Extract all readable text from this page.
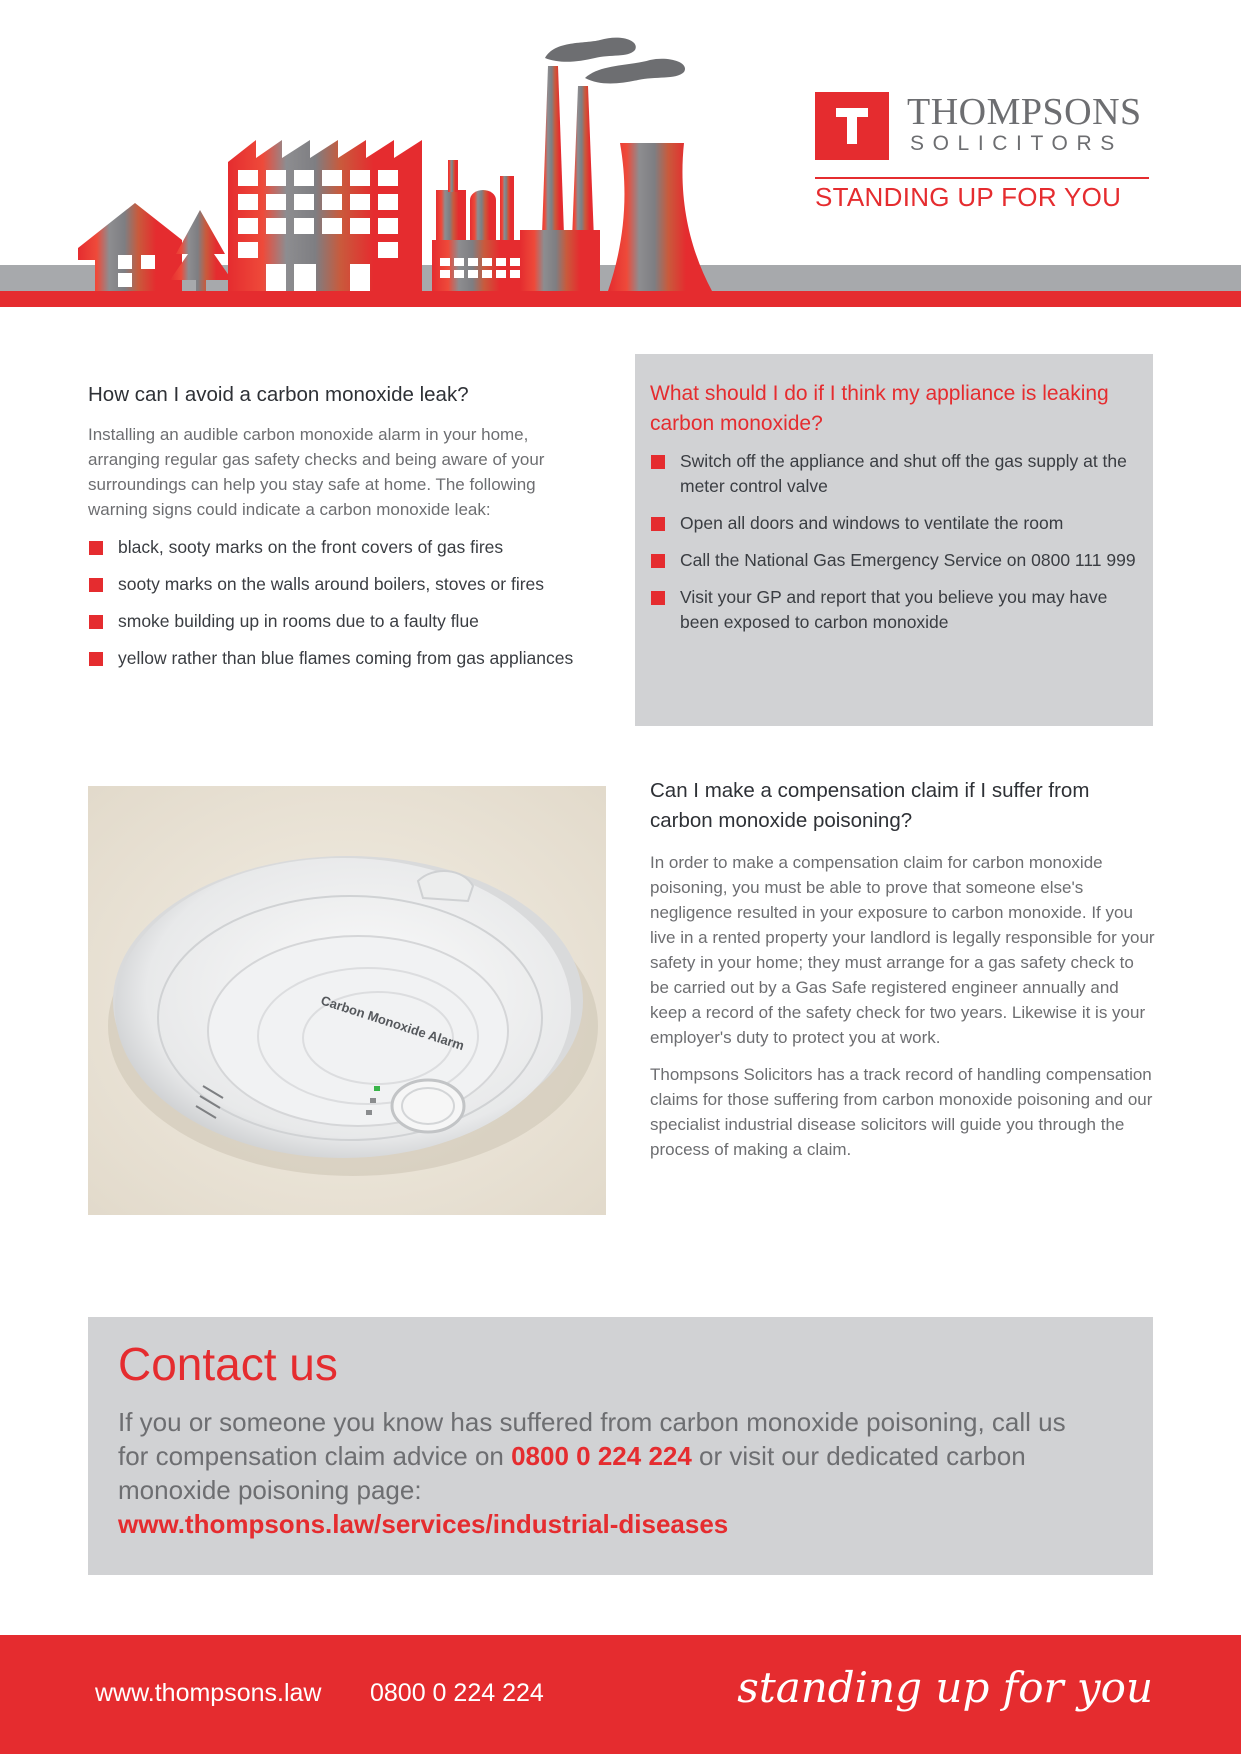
THOMPSONS
SOLICITORS
STANDING UP FOR YOU
How can I avoid a carbon monoxide leak?

Installing an audible carbon monoxide alarm in your home, arranging regular gas safety checks and being aware of your surroundings can help you stay safe at home. The following warning signs could indicate a carbon monoxide leak:

black, sooty marks on the front covers of gas fires
sooty marks on the walls around boilers, stoves or fires
smoke building up in rooms due to a faulty flue
yellow rather than blue flames coming from gas appliances
What should I do if I think my appliance is leaking carbon monoxide?
Switch off the appliance and shut off the gas supply at the meter control valve
Open all doors and windows to ventilate the room
Call the National Gas Emergency Service on 0800 111 999
Visit your GP and report that you believe you may have been exposed to carbon monoxide
Carbon Monoxide Alarm
Can I make a compensation claim if I suffer from carbon monoxide poisoning?

In order to make a compensation claim for carbon monoxide poisoning, you must be able to prove that someone else's negligence resulted in your exposure to carbon monoxide. If you live in a rented property your landlord is legally responsible for your safety in your home; they must arrange for a gas safety check to be carried out by a Gas Safe registered engineer annually and keep a record of the safety check for two years. Likewise it is your employer's duty to protect you at work.

Thompsons Solicitors has a track record of handling compensation claims for those suffering from carbon monoxide poisoning and our specialist industrial disease solicitors will guide you through the process of making a claim.

Contact us

If you or someone you know has suffered from carbon monoxide poisoning, call us for compensation claim advice on 0800 0 224 224 or visit our dedicated carbon monoxide poisoning page:
www.thompsons.law/services/industrial-diseases

www.thompsons.law 0800 0 224 224	standing up for you
